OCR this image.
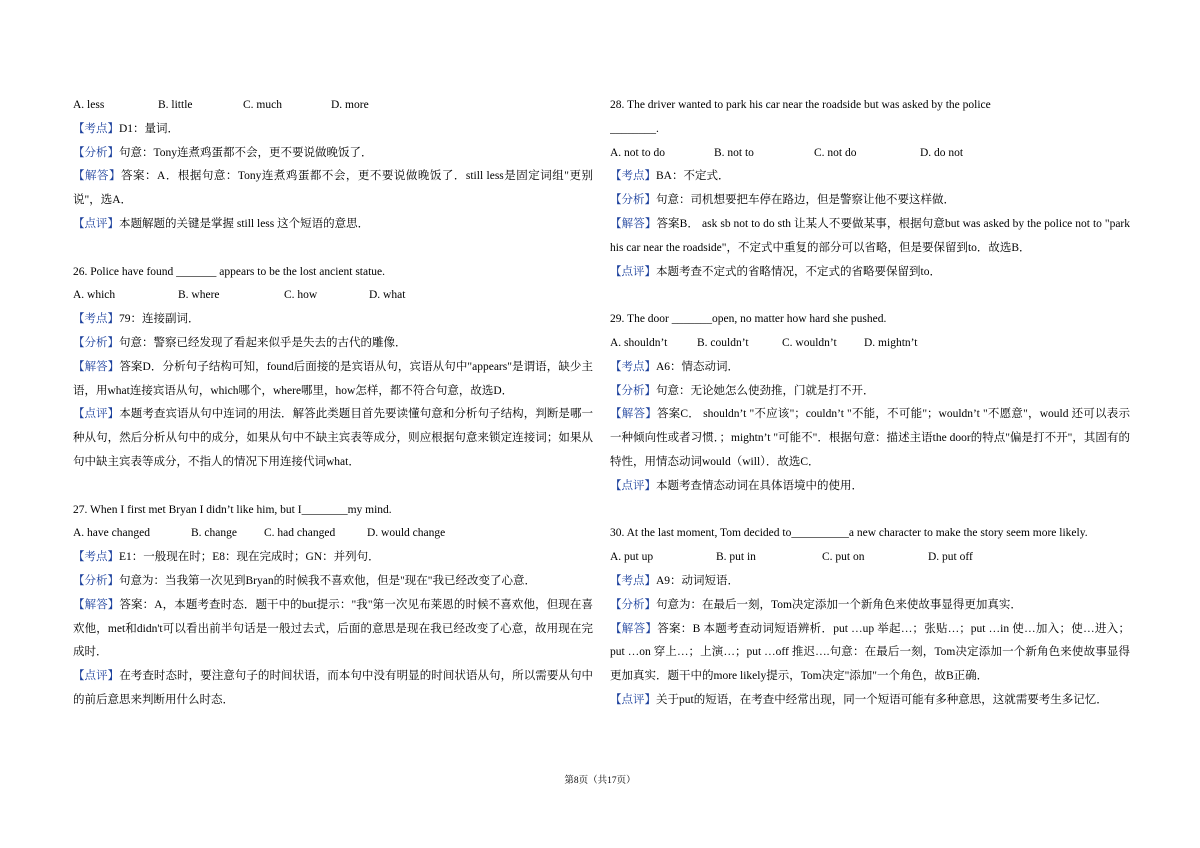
A. less	B. little	C. much	D. more
【考点】D1：量词．
【分析】句意：Tony连煮鸡蛋都不会，更不要说做晚饭了．
【解答】答案：A．根据句意：Tony连煮鸡蛋都不会，更不要说做晚饭了．still less是固定词组"更别说"，选A．
【点评】本题解题的关键是掌握 still less 这个短语的意思．
26. Police have found _______ appears to be the lost ancient statue.
A. which	B. where	C. how	D. what
【考点】79：连接副词．
【分析】句意：警察已经发现了看起来似乎是失去的古代的雕像．
【解答】答案D．分析句子结构可知，found后面接的是宾语从句，宾语从句中"appears"是谓语，缺少主语，用what连接宾语从句，which哪个，where哪里，how怎样，都不符合句意，故选D．
【点评】本题考查宾语从句中连词的用法．解答此类题目首先要读懂句意和分析句子结构，判断是哪一种从句，然后分析从句中的成分，如果从句中不缺主宾表等成分，则应根据句意来锁定连接词；如果从句中缺主宾表等成分，不指人的情况下用连接代词what．
27. When I first met Bryan I didn’t like him, but I________my mind.
A. have changed	B. change	C. had changed	D. would change
【考点】E1：一般现在时；E8：现在完成时；GN：并列句．
【分析】句意为：当我第一次见到Bryan的时候我不喜欢他，但是"现在"我已经改变了心意．
【解答】答案：A，本题考查时态．题干中的but提示："我"第一次见布莱恩的时候不喜欢他，但现在喜欢他，met和didn't可以看出前半句话是一般过去式，后面的意思是现在我已经改变了心意，故用现在完成时．
【点评】在考查时态时，要注意句子的时间状语，而本句中没有明显的时间状语从句，所以需要从句中的前后意思来判断用什么时态．
28. The driver wanted to park his car near the roadside but was asked by the police
________.
A. not to do	B. not to	C. not do	D. do not
【考点】BA：不定式．
【分析】句意：司机想要把车停在路边，但是警察让他不要这样做．
【解答】答案B． ask sb not to do sth 让某人不要做某事，根据句意but was asked by the police not to "park his car near the roadside"，不定式中重复的部分可以省略，但是要保留到to．故选B．
【点评】本题考查不定式的省略情况，不定式的省略要保留到to．
29. The door _______open, no matter how hard she pushed.
A. shouldn’t	B. couldn’t	C. wouldn’t	D. mightn’t
【考点】A6：情态动词．
【分析】句意：无论她怎么使劲推，门就是打不开．
【解答】答案C． shouldn’t "不应该"；couldn’t "不能，不可能"；wouldn’t "不愿意"，would 还可以表示一种倾向性或者习惯．；mightn’t "可能不"．根据句意：描述主语the door的特点"偏是打不开"，其固有的特性，用情态动词would（will）．故选C．
【点评】本题考查情态动词在具体语境中的使用．
30. At the last moment, Tom decided to__________a new character to make the story seem more likely.
A. put up	B. put in	C. put on	D. put off
【考点】A9：动词短语．
【分析】句意为：在最后一刻，Tom决定添加一个新角色来使故事显得更加真实．
【解答】答案：B 本题考查动词短语辨析．put …up 举起…；张贴…；put …in 使…加入；使…进入；put …on 穿上…；上演…；put …off 推迟….句意：在最后一刻，Tom决定添加一个新角色来使故事显得更加真实．题干中的more likely提示，Tom决定"添加"一个角色，故B正确．
【点评】关于put的短语，在考查中经常出现，同一个短语可能有多种意思，这就需要考生多记忆．
第8页（共17页）
